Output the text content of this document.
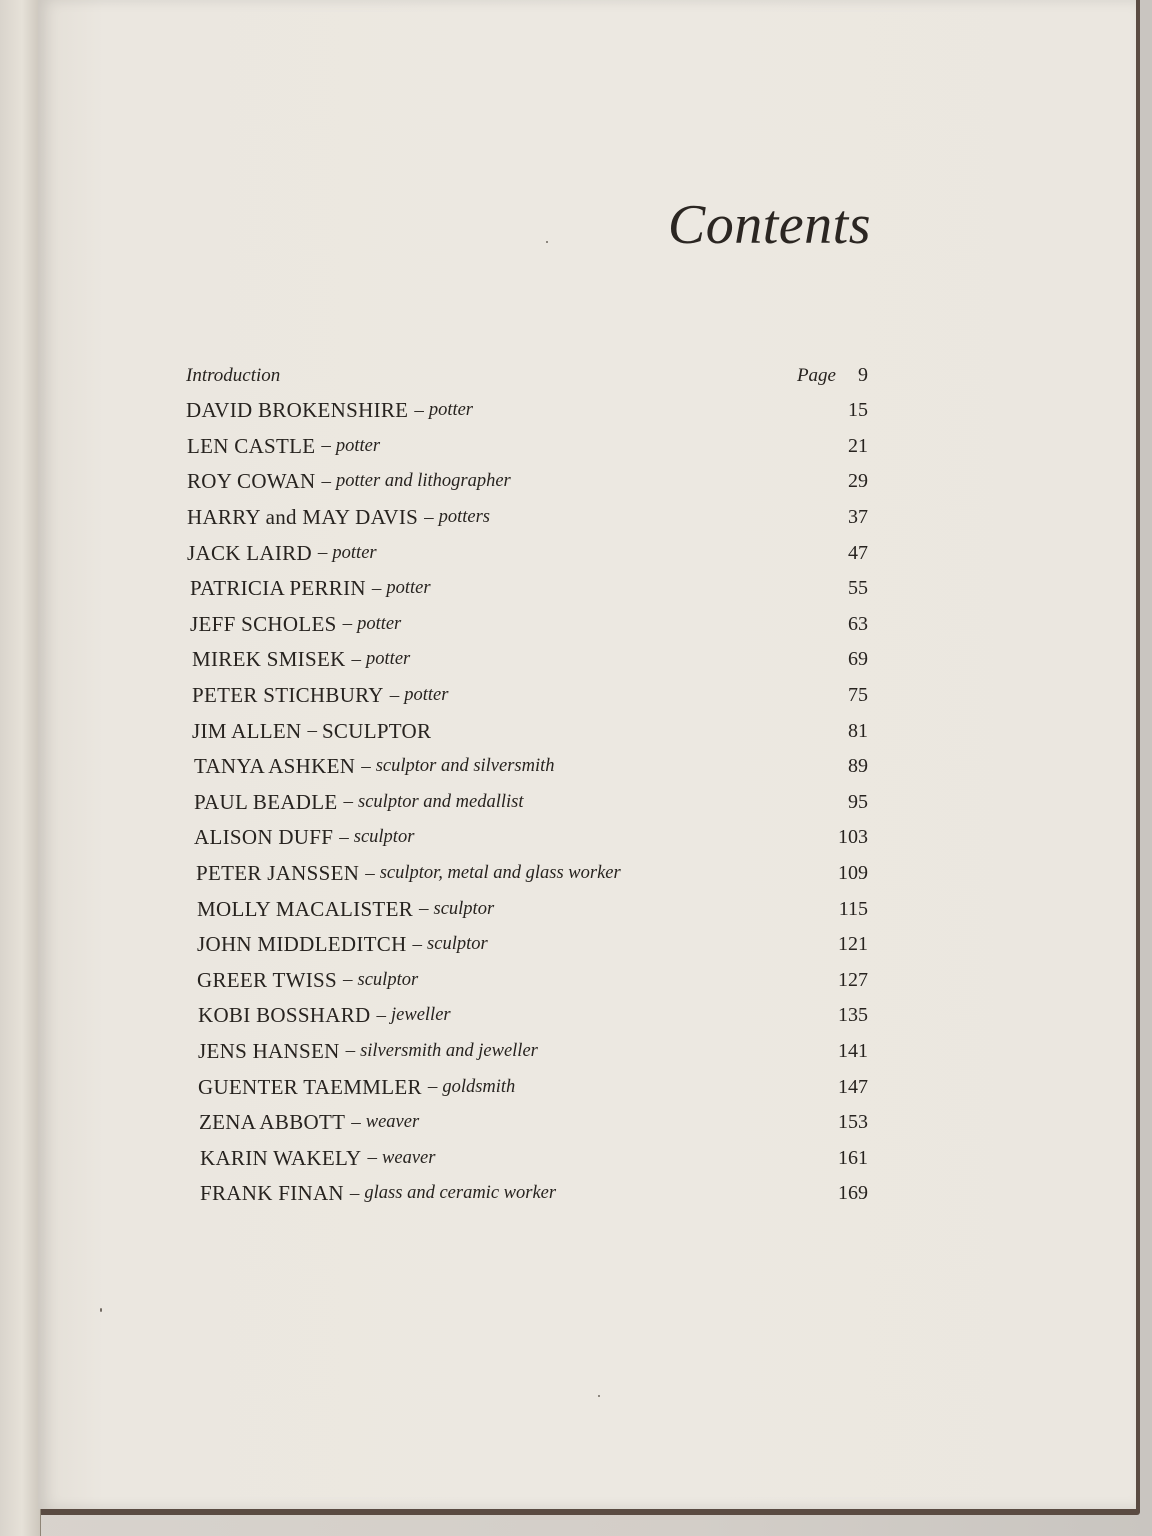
Contents
Introduction	Page 9
DAVID BROKENSHIRE – potter	15
LEN CASTLE – potter	21
ROY COWAN – potter and lithographer	29
HARRY and MAY DAVIS – potters	37
JACK LAIRD – potter	47
PATRICIA PERRIN – potter	55
JEFF SCHOLES – potter	63
MIREK SMISEK – potter	69
PETER STICHBURY – potter	75
JIM ALLEN – SCULPTOR	81
TANYA ASHKEN – sculptor and silversmith	89
PAUL BEADLE – sculptor and medallist	95
ALISON DUFF – sculptor	103
PETER JANSSEN – sculptor, metal and glass worker	109
MOLLY MACALISTER – sculptor	115
JOHN MIDDLEDITCH – sculptor	121
GREER TWISS – sculptor	127
KOBI BOSSHARD – jeweller	135
JENS HANSEN – silversmith and jeweller	141
GUENTER TAEMMLER – goldsmith	147
ZENA ABBOTT – weaver	153
KARIN WAKELY – weaver	161
FRANK FINAN – glass and ceramic worker	169
